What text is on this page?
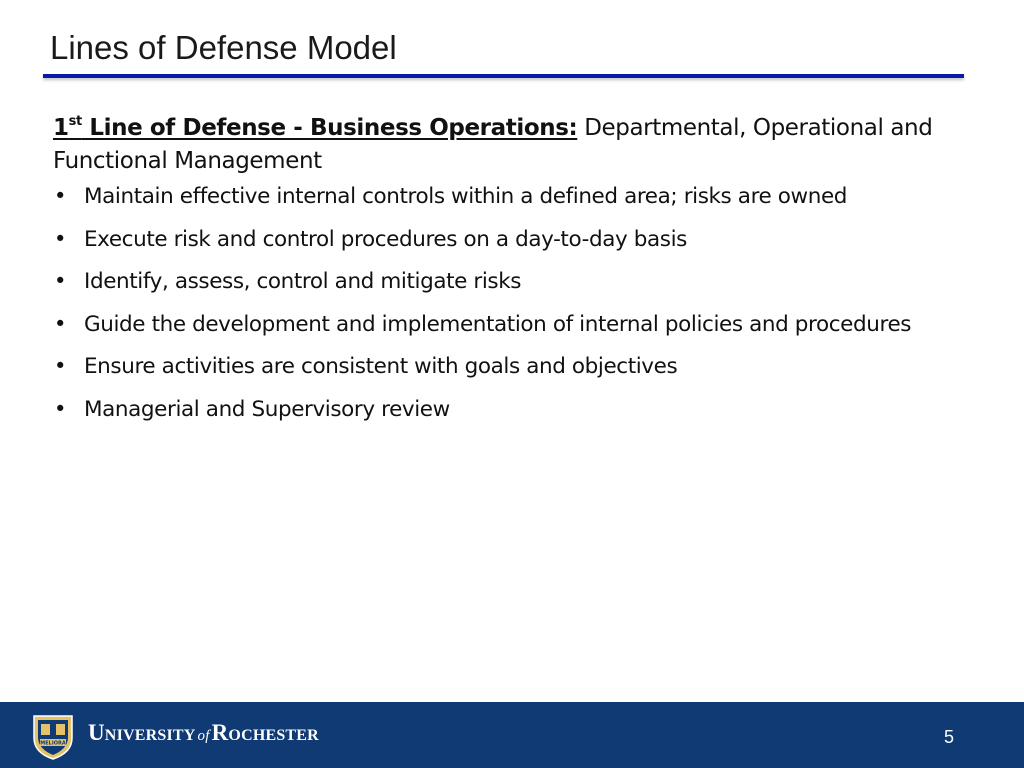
Lines of Defense Model

1st Line of Defense - Business Operations: Departmental, Operational and Functional Management

• Maintain effective internal controls within a defined area; risks are owned
• Execute risk and control procedures on a day-to-day basis
• Identify, assess, control and mitigate risks
• Guide the development and implementation of internal policies and procedures
• Ensure activities are consistent with goals and objectives
• Managerial and Supervisory review
MELIORA University ofRochester	5
